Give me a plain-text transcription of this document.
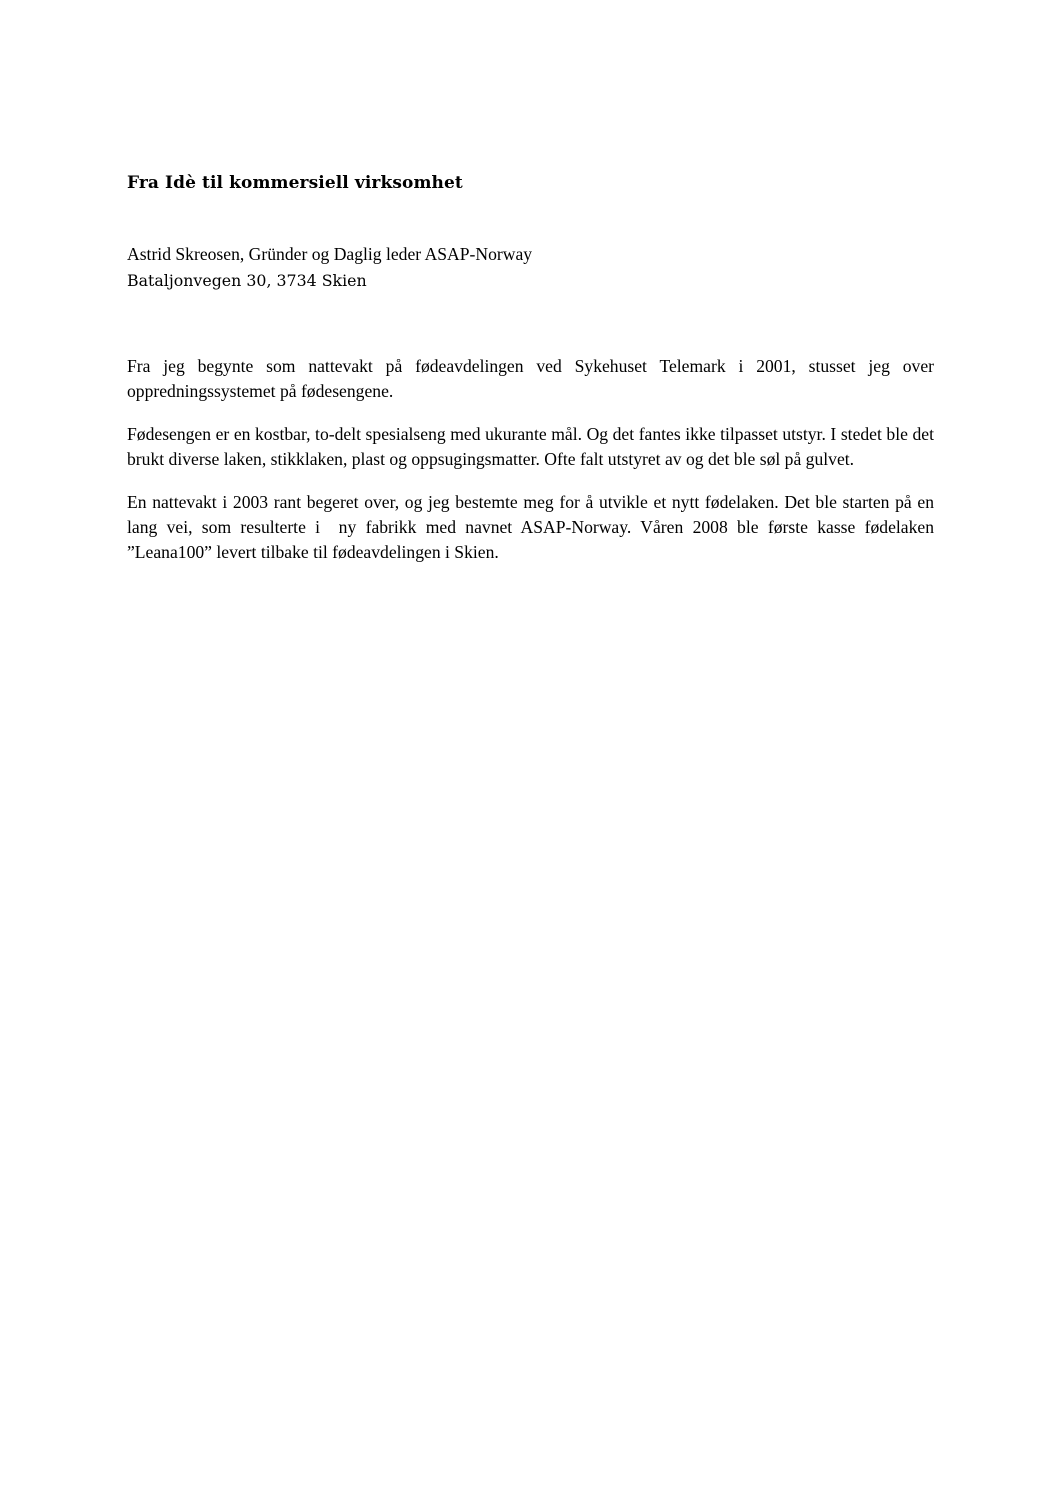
Fra Idè til kommersiell virksomhet
Astrid Skreosen, Gründer og Daglig leder ASAP-Norway
Bataljonvegen 30, 3734 Skien

Fra jeg begynte som nattevakt på fødeavdelingen ved Sykehuset Telemark i 2001, stusset jeg over oppredningssystemet på fødesengene.

Fødesengen er en kostbar, to-delt spesialseng med ukurante mål. Og det fantes ikke tilpasset utstyr. I stedet ble det brukt diverse laken, stikklaken, plast og oppsugingsmatter. Ofte falt utstyret av og det ble søl på gulvet.

En nattevakt i 2003 rant begeret over, og jeg bestemte meg for å utvikle et nytt fødelaken. Det ble starten på en lang vei, som resulterte i  ny fabrikk med navnet ASAP-Norway. Våren 2008 ble første kasse fødelaken ”Leana100” levert tilbake til fødeavdelingen i Skien.
